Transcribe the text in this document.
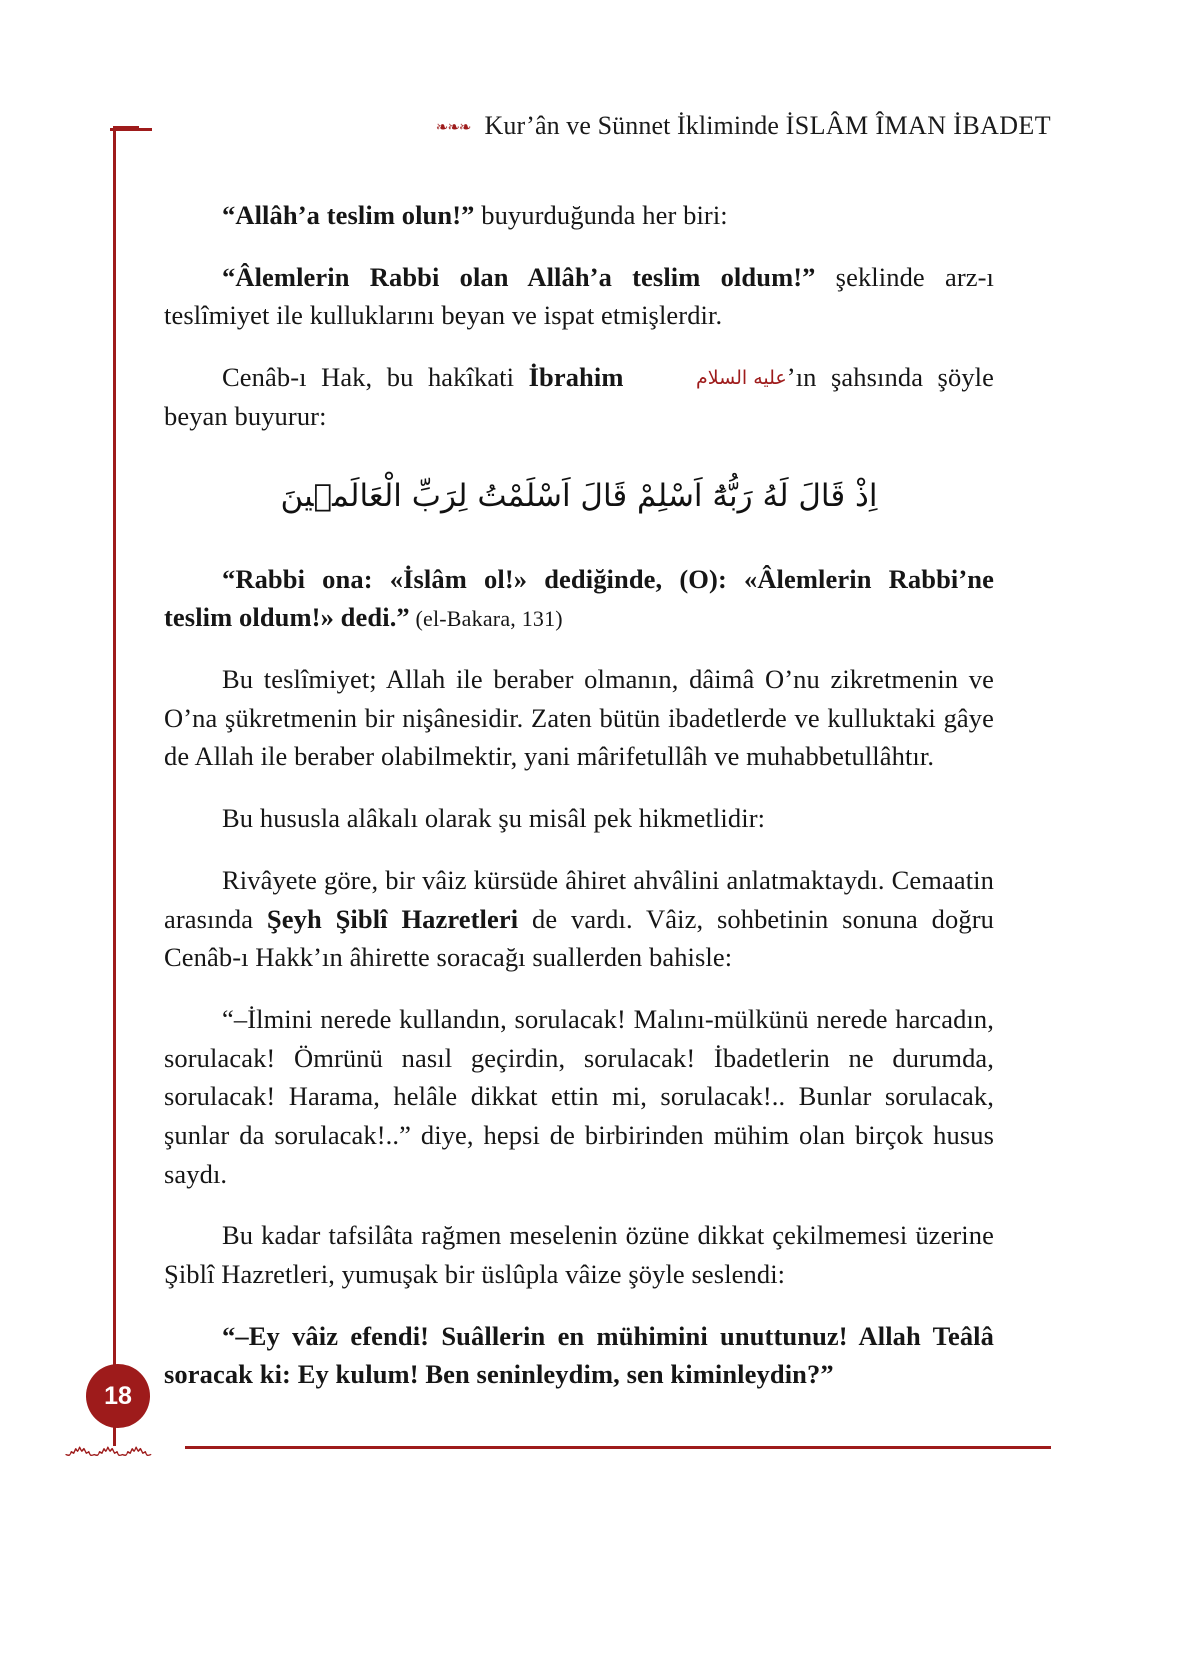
❧❧❧ Kur’ân ve Sünnet İkliminde İSLÂM ÎMAN İBADET
18
෴෴෴

“Allâh’a teslim olun!” buyurduğunda her biri:

“Âlemlerin Rabbi olan Allâh’a teslim oldum!” şeklinde arz-ı teslîmiyet ile kulluklarını beyan ve ispat etmişlerdir.

Cenâb-ı Hak, bu hakîkati İbrahim	عليه السلام’ın şahsında şöyle beyan buyurur:

اِذْ قَالَ لَهُ رَبُّهُٓ اَسْلِمْ قَالَ اَسْلَمْتُ لِرَبِّ الْعَالَم۪ينَ

“Rabbi ona: «İslâm ol!» dediğinde, (O): «Âlemlerin Rabbi’ne teslim oldum!» dedi.” (el-Bakara, 131)

Bu teslîmiyet; Allah ile beraber olmanın, dâimâ O’nu zikretmenin ve O’na şükretmenin bir nişânesidir. Zaten bütün ibadetlerde ve kulluktaki gâye de Allah ile beraber olabilmektir, yani mârifetullâh ve muhabbetullâhtır.

Bu hususla alâkalı olarak şu misâl pek hikmetlidir:

Rivâyete göre, bir vâiz kürsüde âhiret ahvâlini anlatmaktaydı. Cemaatin arasında Şeyh Şiblî Hazretleri de vardı. Vâiz, sohbetinin sonuna doğru Cenâb-ı Hakk’ın âhirette soracağı suallerden bahisle:

“–İlmini nerede kullandın, sorulacak! Malını-mülkünü nerede harcadın, sorulacak! Ömrünü nasıl geçirdin, sorulacak! İbadetlerin ne durumda, sorulacak! Harama, helâle dikkat ettin mi, sorulacak!.. Bunlar sorulacak, şunlar da sorulacak!..” diye, hepsi de birbirinden mühim olan birçok husus saydı.

Bu kadar tafsilâta rağmen meselenin özüne dikkat çekilmemesi üzerine Şiblî Hazretleri, yumuşak bir üslûpla vâize şöyle seslendi:

“–Ey vâiz efendi! Suâllerin en mühimini unuttunuz! Allah Teâlâ soracak ki: Ey kulum! Ben seninleydim, sen kiminleydin?”
